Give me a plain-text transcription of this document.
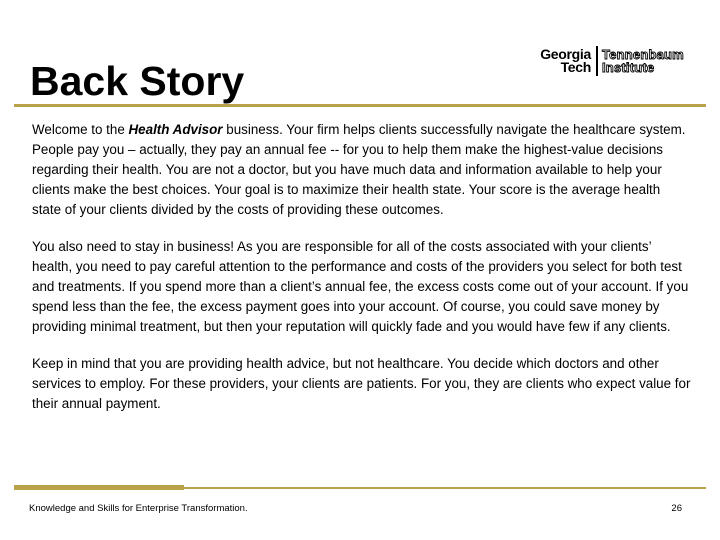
Back Story
Georgia
Tech
Tennenbaum
Institute

Welcome to the Health Advisor business. Your firm helps clients successfully navigate the healthcare system. People pay you – actually, they pay an annual fee -- for you to help them make the highest-value decisions regarding their health. You are not a doctor, but you have much data and information available to help your clients make the best choices. Your goal is to maximize their health state. Your score is the average health state of your clients divided by the costs of providing these outcomes.

You also need to stay in business! As you are responsible for all of the costs associated with your clients’ health, you need to pay careful attention to the performance and costs of the providers you select for both test and treatments. If you spend more than a client’s annual fee, the excess costs come out of your account. If you spend less than the fee, the excess payment goes into your account. Of course, you could save money by providing minimal treatment, but then your reputation will quickly fade and you would have few if any clients.

Keep in mind that you are providing health advice, but not healthcare. You decide which doctors and other services to employ. For these providers, your clients are patients. For you, they are clients who expect value for their annual payment.

Knowledge and Skills for Enterprise Transformation.	26
